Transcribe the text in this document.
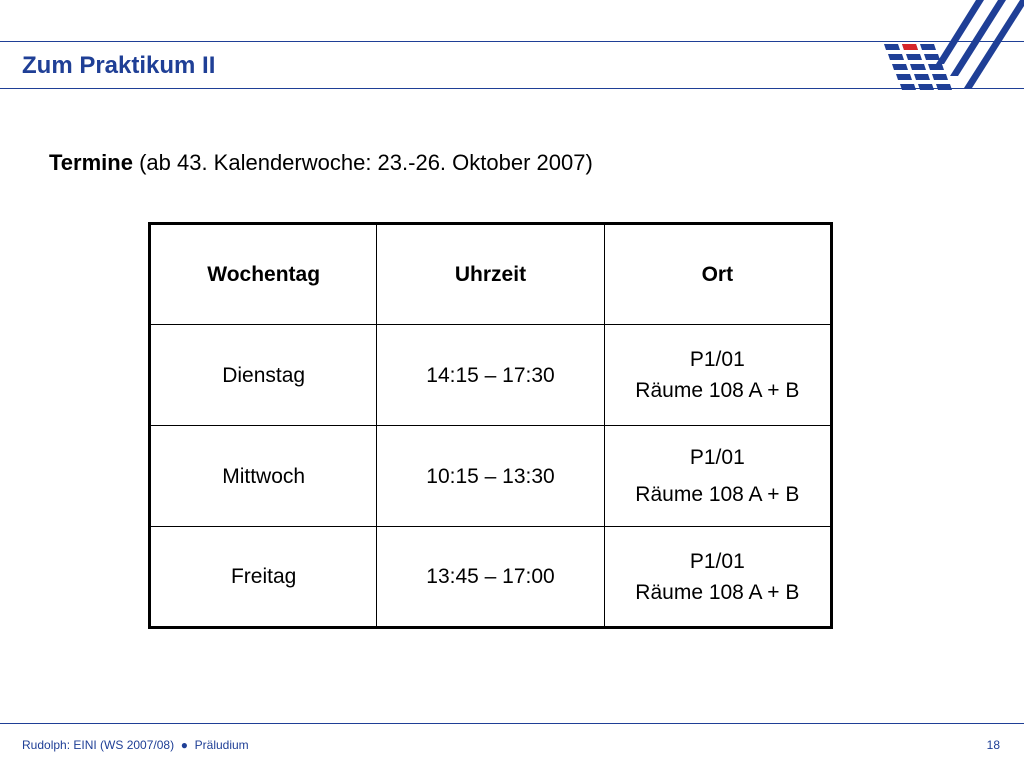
Zum Praktikum II
Termine (ab 43. Kalenderwoche: 23.-26. Oktober 2007)
Wochentag	Uhrzeit	Ort
Dienstag	14:15 – 17:30	P1/01
Räume 108 A + B

Mittwoch	10:15 – 13:30	P1/01
Räume 108 A + B

Freitag	13:45 – 17:00	P1/01
Räume 108 A + B
Rudolph: EINI (WS 2007/08)  ●  Präludium	18
